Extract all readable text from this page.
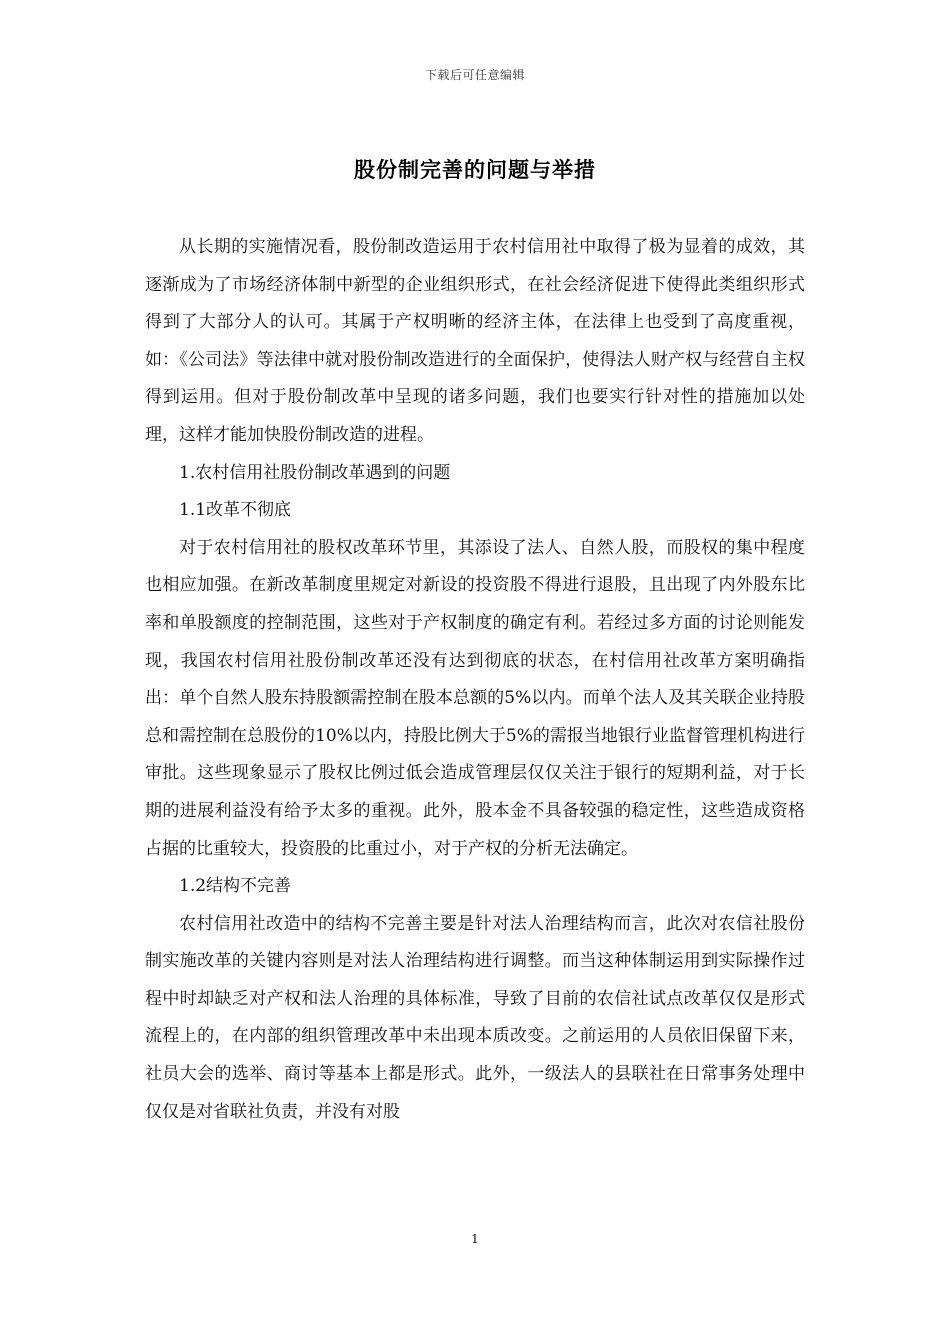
下载后可任意编辑
股份制完善的问题与举措

从长期的实施情况看，股份制改造运用于农村信用社中取得了极为显着的成效，其逐渐成为了市场经济体制中新型的企业组织形式，在社会经济促进下使得此类组织形式得到了大部分人的认可。其属于产权明晰的经济主体，在法律上也受到了高度重视，如：《公司法》等法律中就对股份制改造进行的全面保护，使得法人财产权与经营自主权得到运用。但对于股份制改革中呈现的诸多问题，我们也要实行针对性的措施加以处理，这样才能加快股份制改造的进程。

1.农村信用社股份制改革遇到的问题

1.1改革不彻底

对于农村信用社的股权改革环节里，其添设了法人、自然人股，而股权的集中程度也相应加强。在新改革制度里规定对新设的投资股不得进行退股，且出现了内外股东比率和单股额度的控制范围，这些对于产权制度的确定有利。若经过多方面的讨论则能发现，我国农村信用社股份制改革还没有达到彻底的状态，在村信用社改革方案明确指出：单个自然人股东持股额需控制在股本总额的5%以内。而单个法人及其关联企业持股总和需控制在总股份的10%以内，持股比例大于5%的需报当地银行业监督管理机构进行审批。这些现象显示了股权比例过低会造成管理层仅仅关注于银行的短期利益，对于长期的进展利益没有给予太多的重视。此外，股本金不具备较强的稳定性，这些造成资格占据的比重较大，投资股的比重过小，对于产权的分析无法确定。

1.2结构不完善

农村信用社改造中的结构不完善主要是针对法人治理结构而言，此次对农信社股份制实施改革的关键内容则是对法人治理结构进行调整。而当这种体制运用到实际操作过程中时却缺乏对产权和法人治理的具体标准，导致了目前的农信社试点改革仅仅是形式流程上的，在内部的组织管理改革中未出现本质改变。之前运用的人员依旧保留下来，社员大会的选举、商讨等基本上都是形式。此外，一级法人的县联社在日常事务处理中仅仅是对省联社负责，并没有对股

1
